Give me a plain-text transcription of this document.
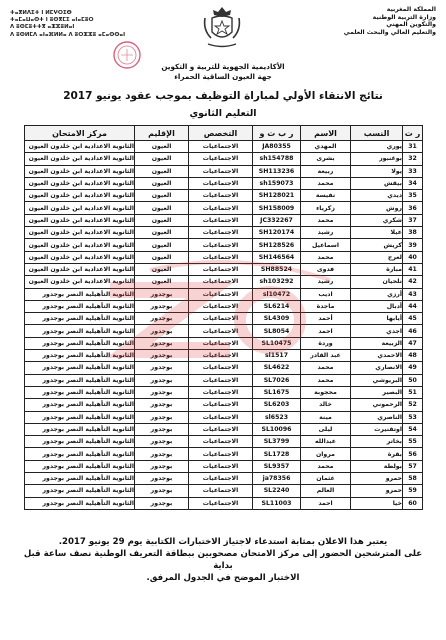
المملكة المغربية
وزارة التربية الوطنية
والتكوين المهني
والتعليم العالي والبحث العلمي
ⵜⴰⴳⵍⴷⵉⵜ ⵏ ⵍⵎⵖⵔⵉⴱ
ⵜⴰⵎⴰⵡⴰⵙⵜ ⵏ ⵓⵙⴳⵎⵉ ⴰⵏⴰⵎⵓⵔ
ⴷ ⵓⵙⵎⵓⵜⵜⴳ ⴰⵣⵣⵓⵍⴰⵏ
ⴷ ⵓⵙⵍⵎⴷ ⴰⵏⴰⴼⵍⵍⴰ ⴷ ⵓⵔⵣⵣⵓ ⴰⵎⴰⵙⵙⴰⵏ
الأكاديمية الجهوية للتربية و التكوين
جهة العيون الساقية الحمراء
نتائج الانتقاء الأولي لمباراة التوظيف بموجب عقود يونيو 2017
التعليم الثانوي
ر ت	النسب	الاسم	ر ب ت و	التخصص	الإقليم	مركز الامتحان
31	يوري	المهدي	JA80355	الاجتماعيات	العيون	الثانوية الاعدادية ابن خلدون العيون
32	بوغنبور	بشرى	sh154788	الاجتماعيات	العيون	الثانوية الاعدادية ابن خلدون العيون
33	يولا	ربيعة	SH113236	الاجتماعيات	العيون	الثانوية الاعدادية ابن خلدون العيون
34	بيقش	محمد	sh159073	الاجتماعيات	العيون	الثانوية الاعدادية ابن خلدون العيون
35	ديدي	نفيسة	SH128021	الاجتماعيات	العيون	الثانوية الاعدادية ابن خلدون العيون
36	روش	زكرياء	SH158009	الاجتماعيات	العيون	الثانوية الاعدادية ابن خلدون العيون
37	شكري	محمد	JC332267	الاجتماعيات	العيون	الثانوية الاعدادية ابن خلدون العيون
38	عيلا	رشيد	SH120174	الاجتماعيات	العيون	الثانوية الاعدادية ابن خلدون العيون
39	كريش	اسماعيل	SH128526	الاجتماعيات	العيون	الثانوية الاعدادية ابن خلدون العيون
40	لعرج	محمد	SH146564	الاجتماعيات	العيون	الثانوية الاعدادية ابن خلدون العيون
41	مبارة	فدوى	SH88524	الاجتماعيات	العيون	الثانوية الاعدادية ابن خلدون العيون
42	نلحيان	رشيد	sh103292	الاجتماعيات	العيون	الثانوية الاعدادية ابن خلدون العيون
43	أرزي	اديب	sl10472	الاجتماعيات	بوجدور	الثانوية التأهيلية النصر بوجدور
44	أدبال	ماجدة	SL6214	الاجتماعيات	بوجدور	الثانوية التأهيلية النصر بوجدور
45	أيابها	أحمد	SL4309	الاجتماعيات	بوجدور	الثانوية التأهيلية النصر بوجدور
46	اجدي	احمد	SL8054	الاجتماعيات	بوجدور	الثانوية التأهيلية النصر بوجدور
47	الزبيعة	وردة	SL10475	الاجتماعيات	بوجدور	الثانوية التأهيلية النصر بوجدور
48	الاحمدي	عبد القادر	sl1517	الاجتماعيات	بوجدور	الثانوية التأهيلية النصر بوجدور
49	الانصاري	محمد	SL4622	الاجتماعيات	بوجدور	الثانوية التأهيلية النصر بوجدور
50	البريوشي	محمد	SL7026	الاجتماعيات	بوجدور	الثانوية التأهيلية النصر بوجدور
51	البصير	محجوبة	SL1675	الاجتماعيات	بوجدور	الثانوية التأهيلية النصر بوجدور
52	الرحموني	خالد	SL6203	الاجتماعيات	بوجدور	الثانوية التأهيلية النصر بوجدور
53	الناصري	مينة	sl6523	الاجتماعيات	بوجدور	الثانوية التأهيلية النصر بوجدور
54	اوتقنيرت	ليلى	SL10096	الاجتماعيات	بوجدور	الثانوية التأهيلية النصر بوجدور
55	بخاتر	عبدالله	SL3799	الاجتماعيات	بوجدور	الثانوية التأهيلية النصر بوجدور
56	بقرة	مروان	SL1728	الاجتماعيات	بوجدور	الثانوية التأهيلية النصر بوجدور
57	بولطة	محمد	SL9357	الاجتماعيات	بوجدور	الثانوية التأهيلية النصر بوجدور
58	حمرو	عثمان	ja78356	الاجتماعيات	بوجدور	الثانوية التأهيلية النصر بوجدور
59	حمرو	العالم	SL2240	الاجتماعيات	بوجدور	الثانوية التأهيلية النصر بوجدور
60	خيا	احمد	SL11003	الاجتماعيات	بوجدور	الثانوية التأهيلية النصر بوجدور
يعتبر هذا الاعلان بمثابة استدعاء لاجتياز الاختبارات الكتابية يوم 29 يونيو 2017.
على المترشحين الحضور إلى مركز الامتحان مصحوبين ببطاقة التعريف الوطنية نصف ساعة قبل بداية
الاختبار الموضح في الجدول المرفق.
